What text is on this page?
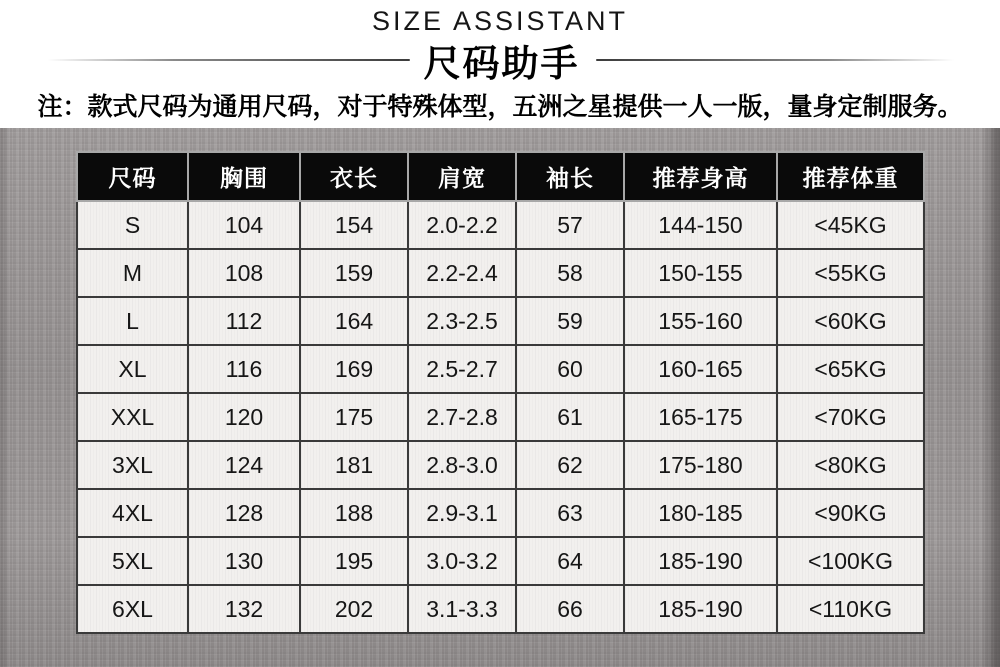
SIZE ASSISTANT
尺码助手
注：款式尺码为通用尺码，对于特殊体型，五洲之星提供一人一版，量身定制服务。
尺码	胸围	衣长	肩宽	袖长	推荐身高	推荐体重
S	104	154	2.0-2.2	57	144-150	<45KG
M	108	159	2.2-2.4	58	150-155	<55KG
L	112	164	2.3-2.5	59	155-160	<60KG
XL	116	169	2.5-2.7	60	160-165	<65KG
XXL	120	175	2.7-2.8	61	165-175	<70KG
3XL	124	181	2.8-3.0	62	175-180	<80KG
4XL	128	188	2.9-3.1	63	180-185	<90KG
5XL	130	195	3.0-3.2	64	185-190	<100KG
6XL	132	202	3.1-3.3	66	185-190	<110KG
